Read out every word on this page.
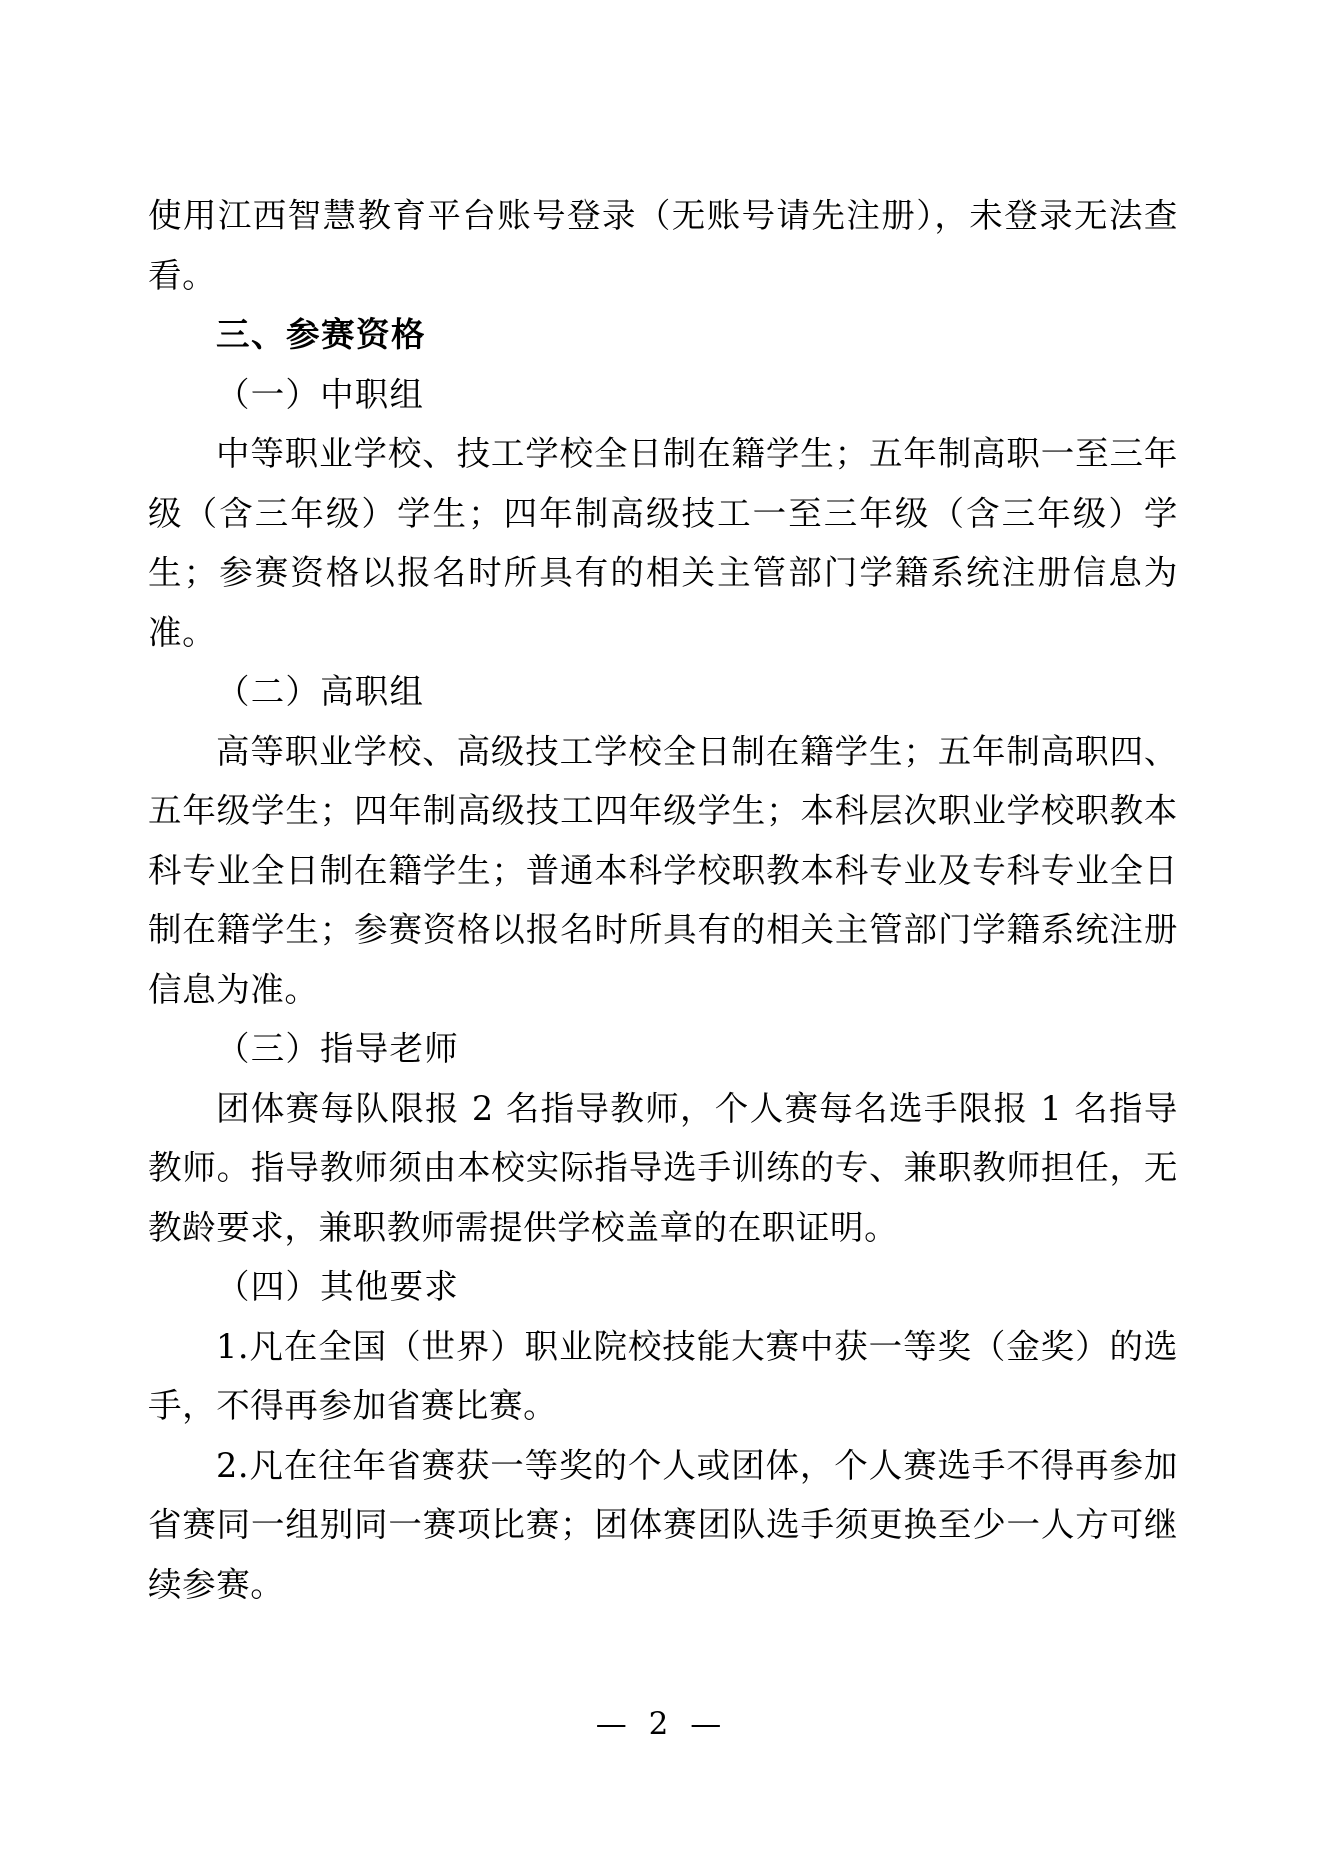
使用江西智慧教育平台账号登录（无账号请先注册），未登录无法查看。

三、参赛资格

（一）中职组

中等职业学校、技工学校全日制在籍学生；五年制高职一至三年级（含三年级）学生；四年制高级技工一至三年级（含三年级）学生；参赛资格以报名时所具有的相关主管部门学籍系统注册信息为准。

（二）高职组

高等职业学校、高级技工学校全日制在籍学生；五年制高职四、五年级学生；四年制高级技工四年级学生；本科层次职业学校职教本科专业全日制在籍学生；普通本科学校职教本科专业及专科专业全日制在籍学生；参赛资格以报名时所具有的相关主管部门学籍系统注册信息为准。

（三）指导老师

团体赛每队限报 2 名指导教师，个人赛每名选手限报 1 名指导教师。指导教师须由本校实际指导选手训练的专、兼职教师担任，无教龄要求，兼职教师需提供学校盖章的在职证明。

（四）其他要求

1.凡在全国（世界）职业院校技能大赛中获一等奖（金奖）的选手，不得再参加省赛比赛。

2.凡在往年省赛获一等奖的个人或团体，个人赛选手不得再参加省赛同一组别同一赛项比赛；团体赛团队选手须更换至少一人方可继续参赛。

— 2 —
